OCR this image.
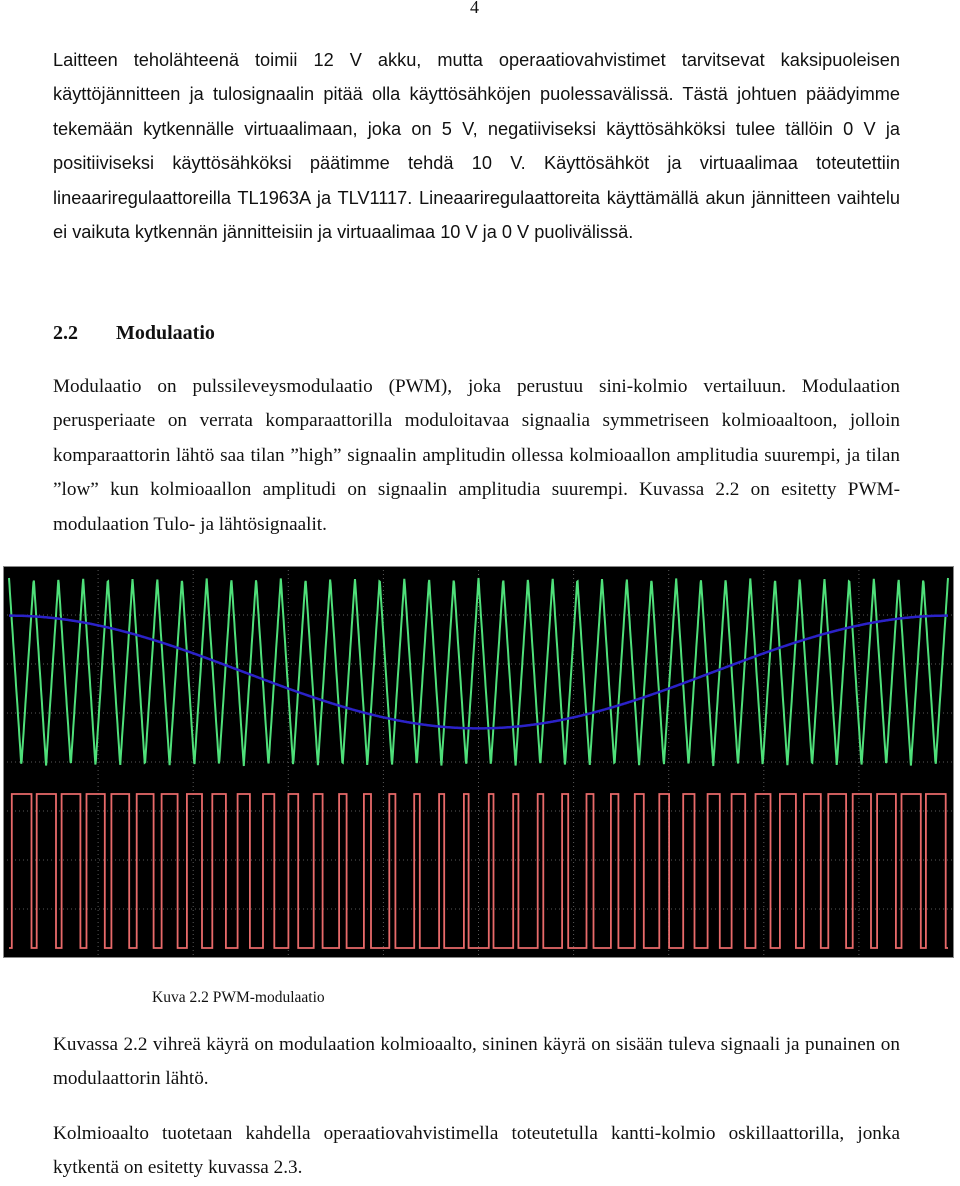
4

Laitteen teholähteenä toimii 12 V akku, mutta operaatiovahvistimet tarvitsevat kaksipuoleisen käyttöjännitteen ja tulosignaalin pitää olla käyttösähköjen puolessavälissä. Tästä johtuen päädyimme tekemään kytkennälle virtuaalimaan, joka on 5 V, negatiiviseksi käyttösähköksi tulee tällöin 0 V ja positiiviseksi käyttösähköksi päätimme tehdä 10 V. Käyttösähköt ja virtuaalimaa toteutettiin lineaariregulaattoreilla TL1963A ja TLV1117. Lineaariregulaattoreita käyttämällä akun jännitteen vaihtelu ei vaikuta kytkennän jännitteisiin ja virtuaalimaa 10 V ja 0 V puolivälissä.

2.2 Modulaatio

Modulaatio on pulssileveysmodulaatio (PWM), joka perustuu sini-kolmio vertailuun. Modulaation perusperiaate on verrata komparaattorilla moduloitavaa signaalia symmetriseen kolmioaaltoon, jolloin komparaattorin lähtö saa tilan ”high” signaalin amplitudin ollessa kolmioaallon amplitudia suurempi, ja tilan ”low” kun kolmioaallon amplitudi on signaalin amplitudia suurempi. Kuvassa 2.2 on esitetty PWM-modulaation Tulo- ja lähtösignaalit.

Kuva 2.2 PWM-modulaatio

Kuvassa 2.2 vihreä käyrä on modulaation kolmioaalto, sininen käyrä on sisään tuleva signaali ja punainen on modulaattorin lähtö.

Kolmioaalto tuotetaan kahdella operaatiovahvistimella toteutetulla kantti-kolmio oskillaattorilla, jonka kytkentä on esitetty kuvassa 2.3.
